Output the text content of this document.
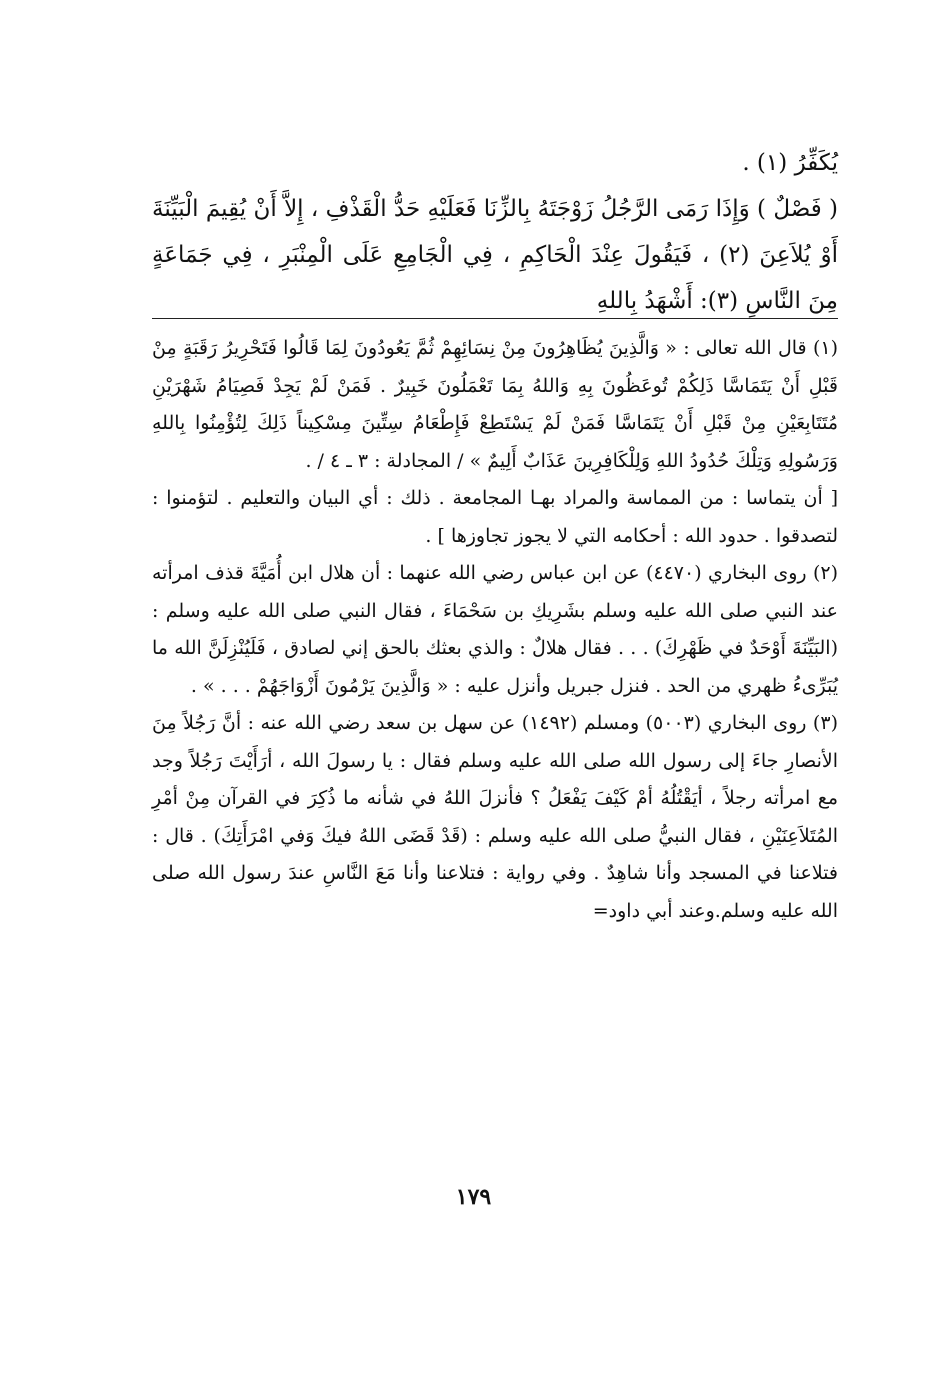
يُكَفِّرُ (١) .

( فَصْلٌ ) وَإِذَا رَمَى الرَّجُلُ زَوْجَتَهُ بِالزِّنَا فَعَلَيْهِ حَدُّ الْقَذْفِ ، إِلاَّ أَنْ يُقِيمَ الْبَيِّنَةَ أَوْ يُلاَعِنَ (٢) ، فَيَقُولَ عِنْدَ الْحَاكِمِ ، فِي الْجَامِعِ عَلَى الْمِنْبَرِ ، فِي جَمَاعَةٍ مِنَ النَّاسِ (٣): أَشْهَدُ بِاللهِ

(١) قال الله تعالى : « وَالَّذِينَ يُظَاهِرُونَ مِنْ نِسَائِهِمْ ثُمَّ يَعُودُونَ لِمَا قَالُوا فَتَحْرِيرُ رَقَبَةٍ مِنْ قَبْلِ أَنْ يَتَمَاسَّا ذَلِكُمْ تُوعَظُونَ بِهِ وَاللهُ بِمَا تَعْمَلُونَ خَبِيرٌ . فَمَنْ لَمْ يَجِدْ فَصِيَامُ شَهْرَيْنِ مُتَتَابِعَيْنِ مِنْ قَبْلِ أَنْ يَتَمَاسَّا فَمَنْ لَمْ يَسْتَطِعْ فَإِطْعَامُ سِتِّينَ مِسْكِيناً ذَلِكَ لِتُؤْمِنُوا بِاللهِ وَرَسُولِهِ وَتِلْكَ حُدُودُ اللهِ وَلِلْكَافِرِينَ عَذَابٌ أَلِيمٌ » / المجادلة : ٣ ـ ٤ / .

[ أن يتماسا : من المماسة والمراد بهـا المجامعة . ذلك : أي البيان والتعليم . لتؤمنوا : لتصدقوا . حدود الله : أحكامه التي لا يجوز تجاوزها ] .

(٢) روى البخاري (٤٤٧٠) عن ابن عباس رضي الله عنهما : أن هلال ابن أُمَيَّةَ قذف امرأته عند النبي صلى الله عليه وسلم بشَرِيكِ بن سَحْمَاءَ ، فقال النبي صلى الله عليه وسلم : (البَيِّنَةَ أَوْحَدٌ في ظَهْرِكَ) . . . فقال هلالٌ : والذي بعثك بالحق إني لصادق ، فَلَيُنْزِلَنَّ الله ما يُبَرِّىءُ ظهري من الحد . فنزل جبريل وأنزل عليه : « وَالَّذِينَ يَرْمُونَ أَزْوَاجَهُمْ . . . » .

(٣) روى البخاري (٥٠٠٣) ومسلم (١٤٩٢) عن سهل بن سعد رضي الله عنه : أنَّ رَجُلاً مِنَ الأنصارِ جاءَ إلى رسول الله صلى الله عليه وسلم فقال : يا رسولَ الله ، أرَأَيْتَ رَجُلاً وجد مع امرأته رجلاً ، أيَقْتُلُهُ أمْ كَيْفَ يَفْعَلُ ؟ فأنزلَ اللهُ في شأنه ما ذُكِرَ في القرآن مِنْ أمْرِ المُتَلاَعِنَيْنِ ، فقال النبيُّ صلى الله عليه وسلم : (قَدْ قَضَى اللهُ فيكَ وَفي امْرَأَتِكَ) . قال : فتلاعنا في المسجد وأنا شاهِدٌ . وفي رواية : فتلاعنا وأنا مَعَ النَّاسِ عندَ رسول الله صلى الله عليه وسلم.وعند أبي داود=

١٧٩
